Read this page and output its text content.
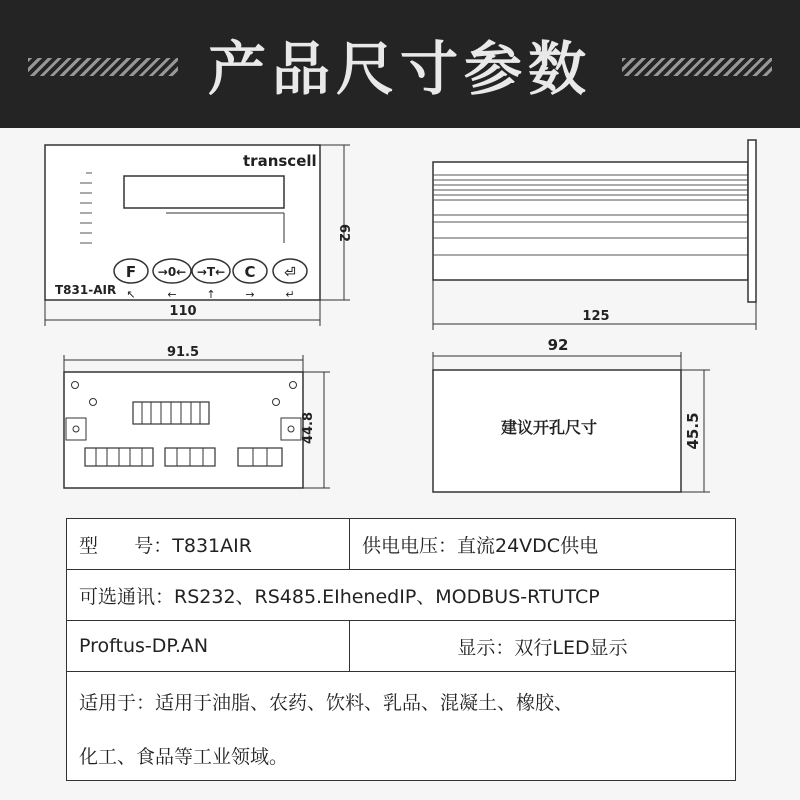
产品尺寸参数
transcell
F →0← →T← C ⏎
↖	←	↑	→	↵
T831-AIR
110
62
125
91.5
44.8
92
建议开孔尺寸	45.5
型      号：T831AIR	供电电压：直流24VDC供电
可选通讯：RS232、RS485.EIhenedIP、MODBUS-RTUTCP	
Proftus-DP.AN	显示：双行LED显示
适用于：适用于油脂、农药、饮料、乳品、混凝土、橡胶、	
化工、食品等工业领域。	
